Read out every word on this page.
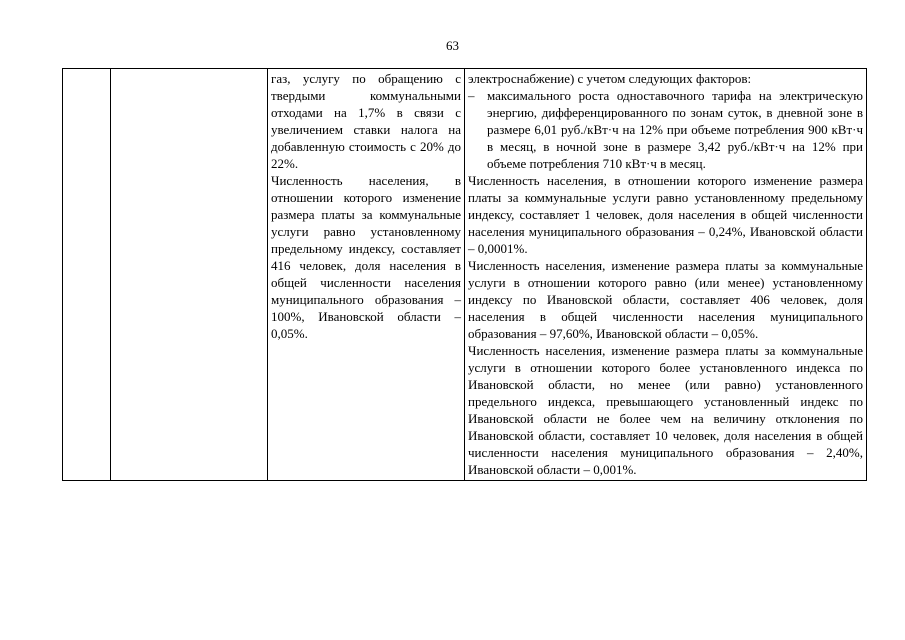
63

газ, услугу по обращению с твердыми коммунальными отходами на 1,7% в связи с увеличением ставки налога на добавленную стоимость с 20% до 22%.

Численность населения, в отношении которого изменение размера платы за коммунальные услуги равно установленному предельному индексу, составляет 416 человек, доля населения в общей численности населения муниципального образования – 100%, Ивановской области – 0,05%.

электроснабжение) с учетом следующих факторов:

– максимального роста одноставочного тарифа на электрическую энергию, дифференцированного по зонам суток, в дневной зоне в размере 6,01 руб./кВт·ч на 12% при объеме потребления 900 кВт·ч в месяц, в ночной зоне в размере 3,42 руб./кВт·ч на 12% при объеме потребления 710 кВт·ч в месяц.

Численность населения, в отношении которого изменение размера платы за коммунальные услуги равно установленному предельному индексу, составляет 1 человек, доля населения в общей численности населения муниципального образования – 0,24%, Ивановской области – 0,0001%.

Численность населения, изменение размера платы за коммунальные услуги в отношении которого равно (или менее) установленному индексу по Ивановской области, составляет 406 человек, доля населения в общей численности населения муниципального образования – 97,60%, Ивановской области – 0,05%.

Численность населения, изменение размера платы за коммунальные услуги в отношении которого более установленного индекса по Ивановской области, но менее (или равно) установленного предельного индекса, превышающего установленный индекс по Ивановской области не более чем на величину отклонения по Ивановской области, составляет 10 человек, доля населения в общей численности населения муниципального образования – 2,40%, Ивановской области – 0,001%.
